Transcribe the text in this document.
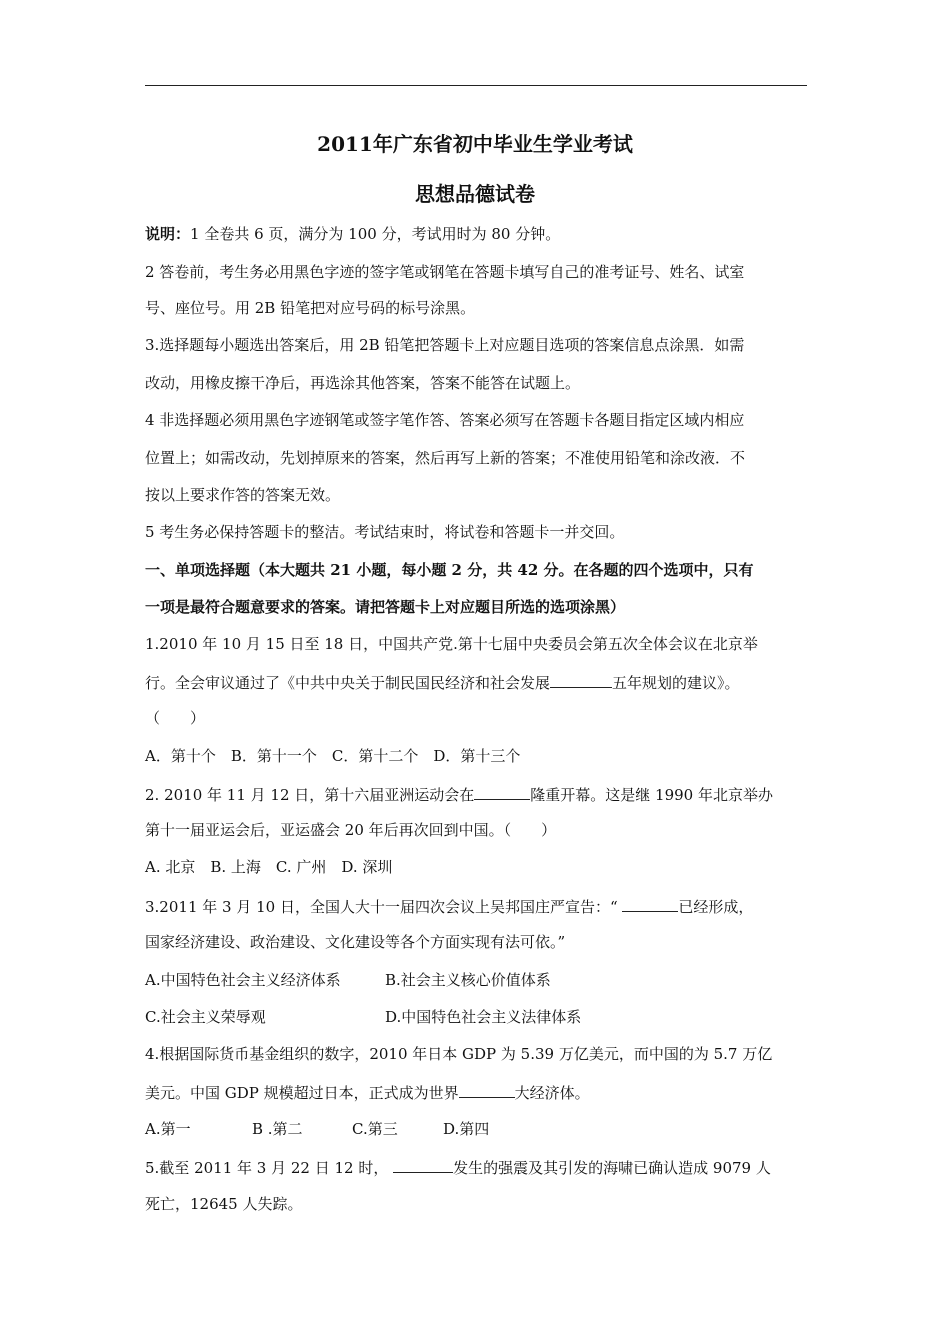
2011年广东省初中毕业生学业考试
思想品德试卷
说明：1 全卷共 6 页，满分为 100 分，考试用时为 80 分钟。
2 答卷前，考生务必用黑色字迹的签字笔或钢笔在答题卡填写自己的准考证号、姓名、试室
号、座位号。用 2B 铅笔把对应号码的标号涂黑。
3.选择题每小题选出答案后，用 2B 铅笔把答题卡上对应题目选项的答案信息点涂黑．如需
改动，用橡皮擦干净后，再选涂其他答案，答案不能答在试题上。
4 非选择题必须用黑色字迹钢笔或签字笔作答、答案必须写在答题卡各题目指定区域内相应
位置上；如需改动，先划掉原来的答案，然后再写上新的答案；不准使用铅笔和涂改液．不
按以上要求作答的答案无效。
5 考生务必保持答题卡的整洁。考试结束时，将试卷和答题卡一并交回。
一、单项选择题（本大题共 21 小题，每小题 2 分，共 42 分。在各题的四个选项中，只有
一项是最符合题意要求的答案。请把答题卡上对应题目所选的选项涂黑）
1.2010 年 10 月 15 日至 18 日，中国共产党.第十七届中央委员会第五次全体会议在北京举
行。全会审议通过了《中共中央关于制民国民经济和社会发展	五年规划的建议》。
（　　）
A．第十个　B．第十一个　C．第十二个　D．第十三个
2. 2010 年 11 月 12 日，第十六届亚洲运动会在	隆重开幕。这是继 1990 年北京举办
第十一届亚运会后，亚运盛会 20 年后再次回到中国。（　　）
A. 北京　B. 上海　C. 广州　D. 深圳
3.2011 年 3 月 10 日，全国人大十一届四次会议上吴邦国庄严宣告：“	已经形成，
国家经济建设、政治建设、文化建设等各个方面实现有法可依。”
A.中国特色社会主义经济体系	B.社会主义核心价值体系
C.社会主义荣辱观	D.中国特色社会主义法律体系
4.根据国际货币基金组织的数字，2010 年日本 GDP 为 5.39 万亿美元，而中国的为 5.7 万亿
美元。中国 GDP 规模超过日本，正式成为世界	大经济体。
A.第一	B .第二	C.第三	D.第四
5.截至 2011 年 3 月 22 日 12 时，	发生的强震及其引发的海啸已确认造成 9079 人
死亡，12645 人失踪。
